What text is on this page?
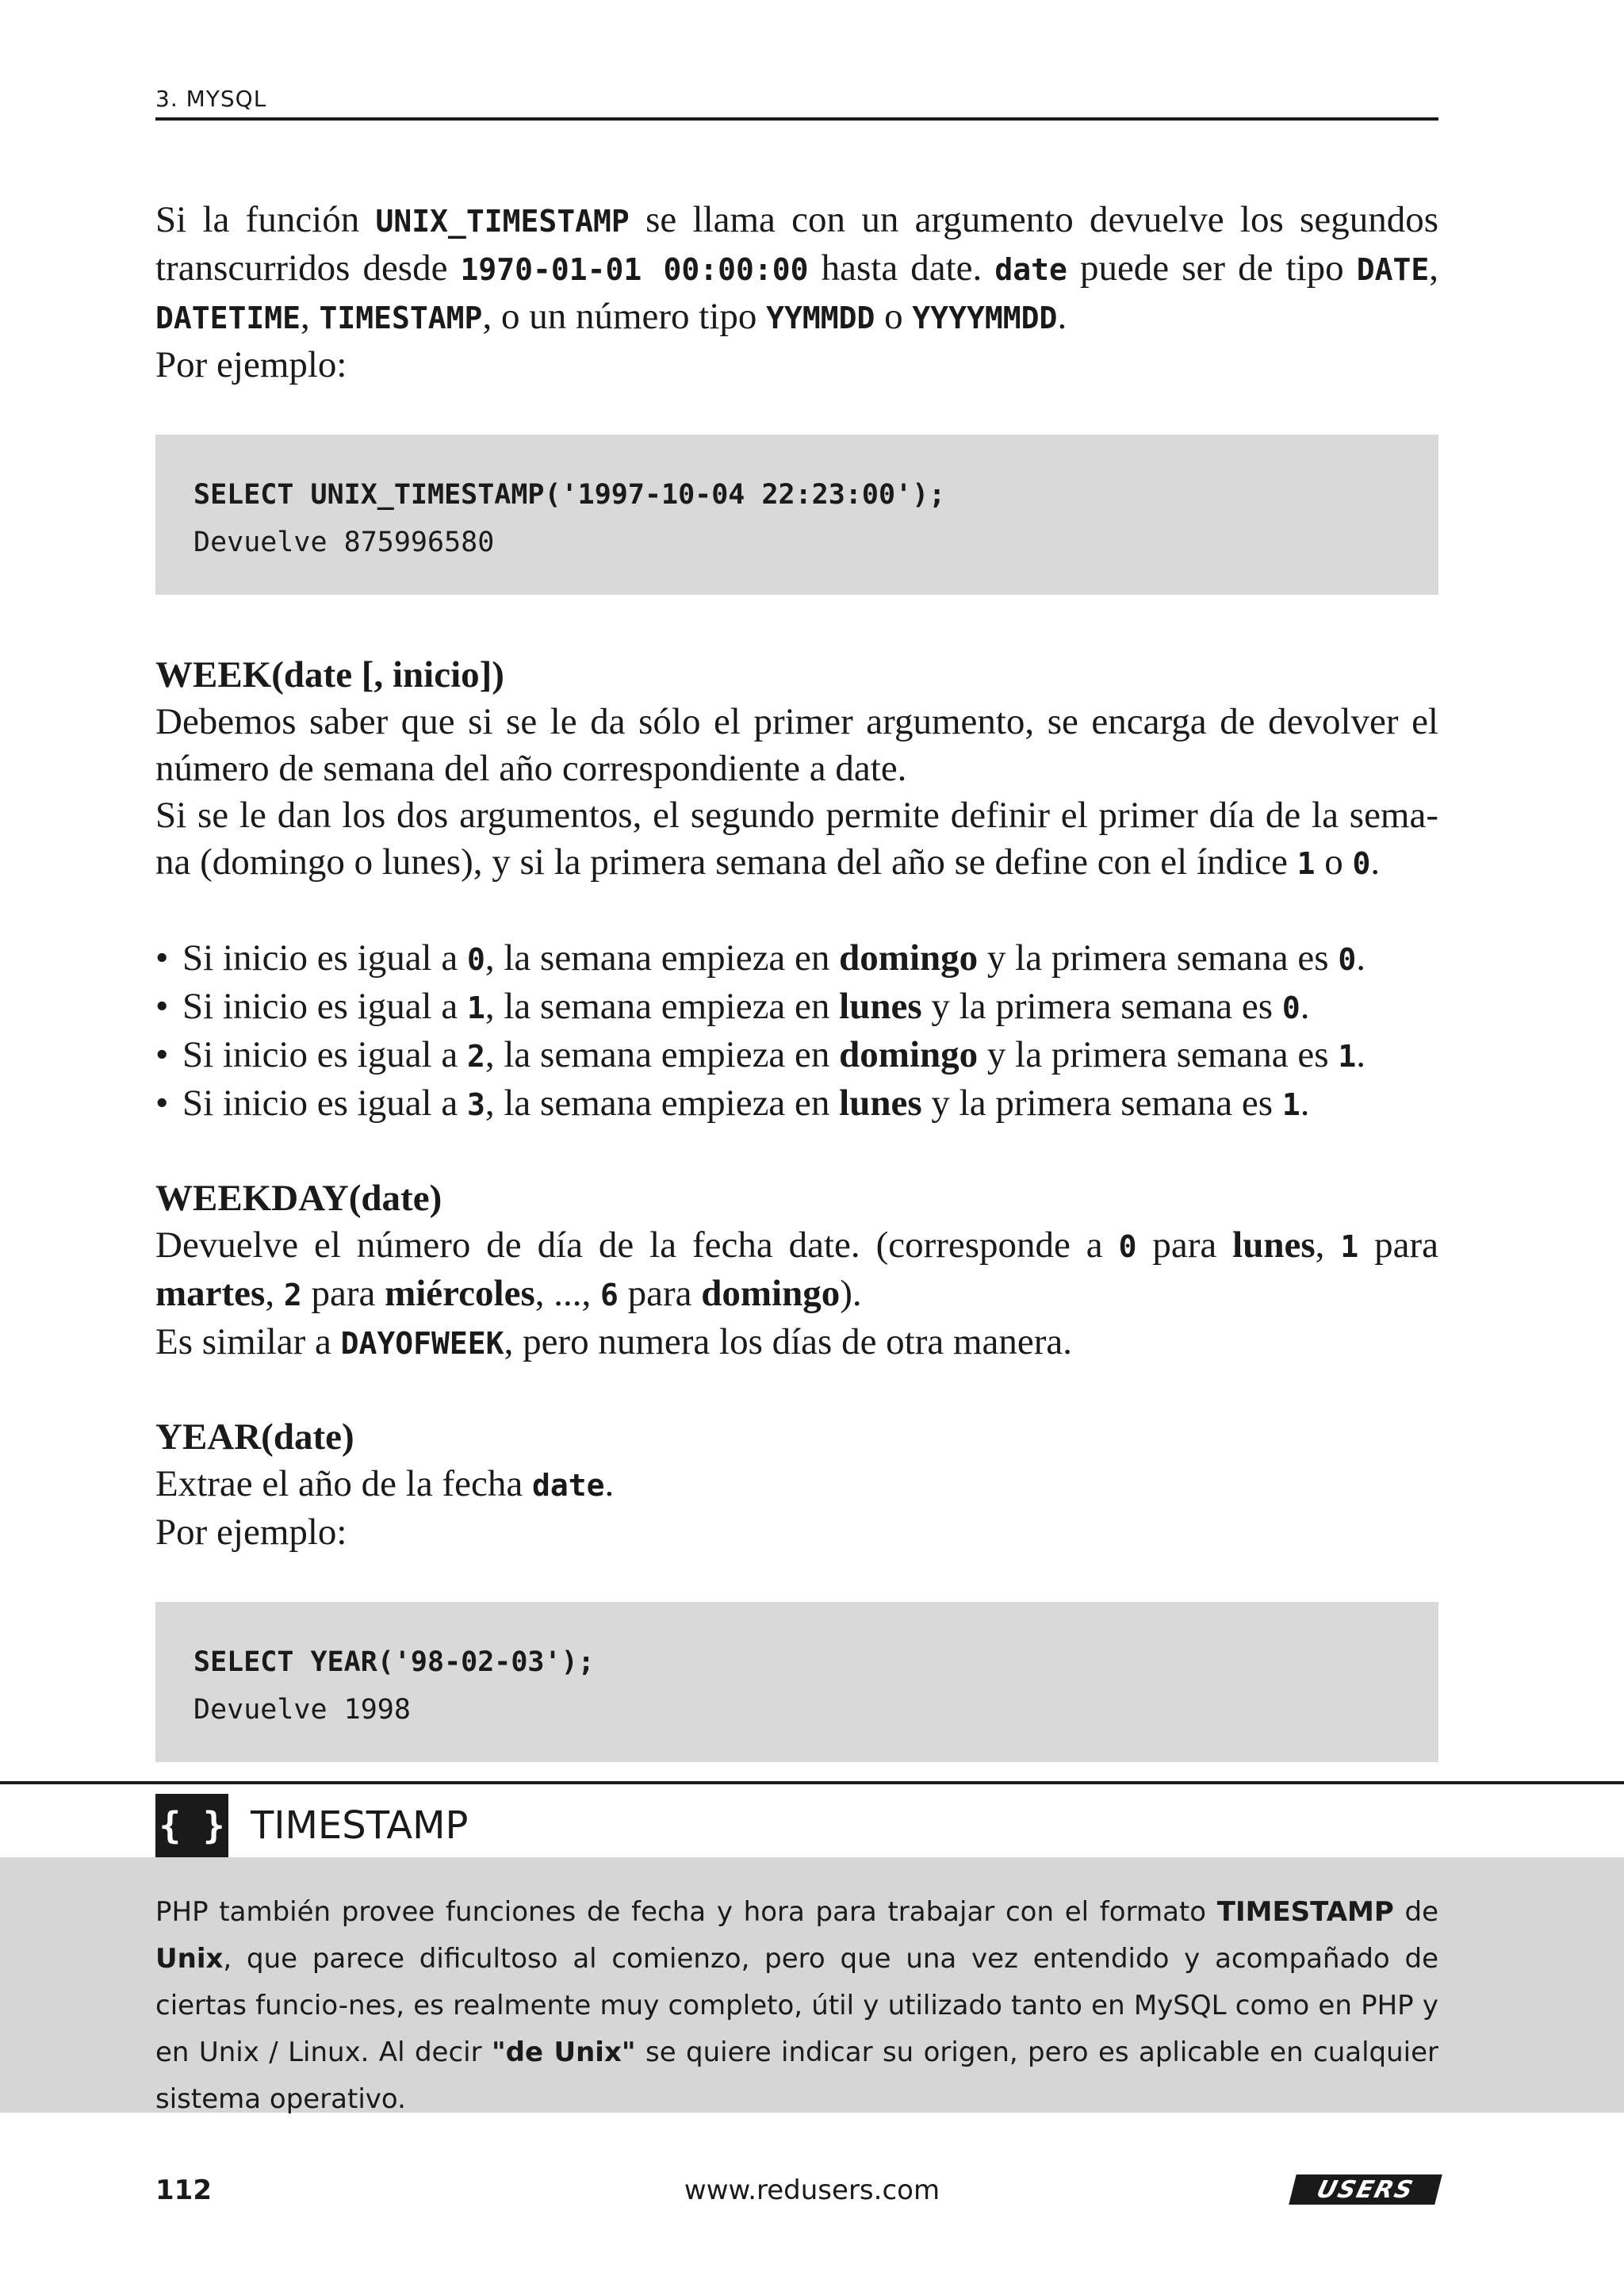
3. MYSQL

Si la función UNIX_TIMESTAMP se llama con un argumento devuelve los segundos transcurridos desde 1970-01-01 00:00:00 hasta date. date puede ser de tipo DATE, DATETIME, TIMESTAMP, o un número tipo YYMMDD o YYYYMMDD.

Por ejemplo:

SELECT UNIX_TIMESTAMP('1997-10-04 22:23:00');
Devuelve 875996580

WEEK(date [, inicio])

Debemos saber que si se le da sólo el primer argumento, se encarga de devolver el número de semana del año correspondiente a date.

Si se le dan los dos argumentos, el segundo permite definir el primer día de la sema-na (domingo o lunes), y si la primera semana del año se define con el índice 1 o 0.

• Si inicio es igual a 0, la semana empieza en domingo y la primera semana es 0.
• Si inicio es igual a 1, la semana empieza en lunes y la primera semana es 0.
• Si inicio es igual a 2, la semana empieza en domingo y la primera semana es 1.
• Si inicio es igual a 3, la semana empieza en lunes y la primera semana es 1.

WEEKDAY(date)

Devuelve el número de día de la fecha date. (corresponde a 0 para lunes, 1 para martes, 2 para miércoles, ..., 6 para domingo).

Es similar a DAYOFWEEK, pero numera los días de otra manera.

YEAR(date)

Extrae el año de la fecha date.

Por ejemplo:

SELECT YEAR('98-02-03');
Devuelve 1998
{ } TIMESTAMP
PHP también provee funciones de fecha y hora para trabajar con el formato TIMESTAMP de Unix, que parece dificultoso al comienzo, pero que una vez entendido y acompañado de ciertas funcio-nes, es realmente muy completo, útil y utilizado tanto en MySQL como en PHP y en Unix / Linux. Al decir "de Unix" se quiere indicar su origen, pero es aplicable en cualquier sistema operativo.
www.redusers.com
112	USERS
